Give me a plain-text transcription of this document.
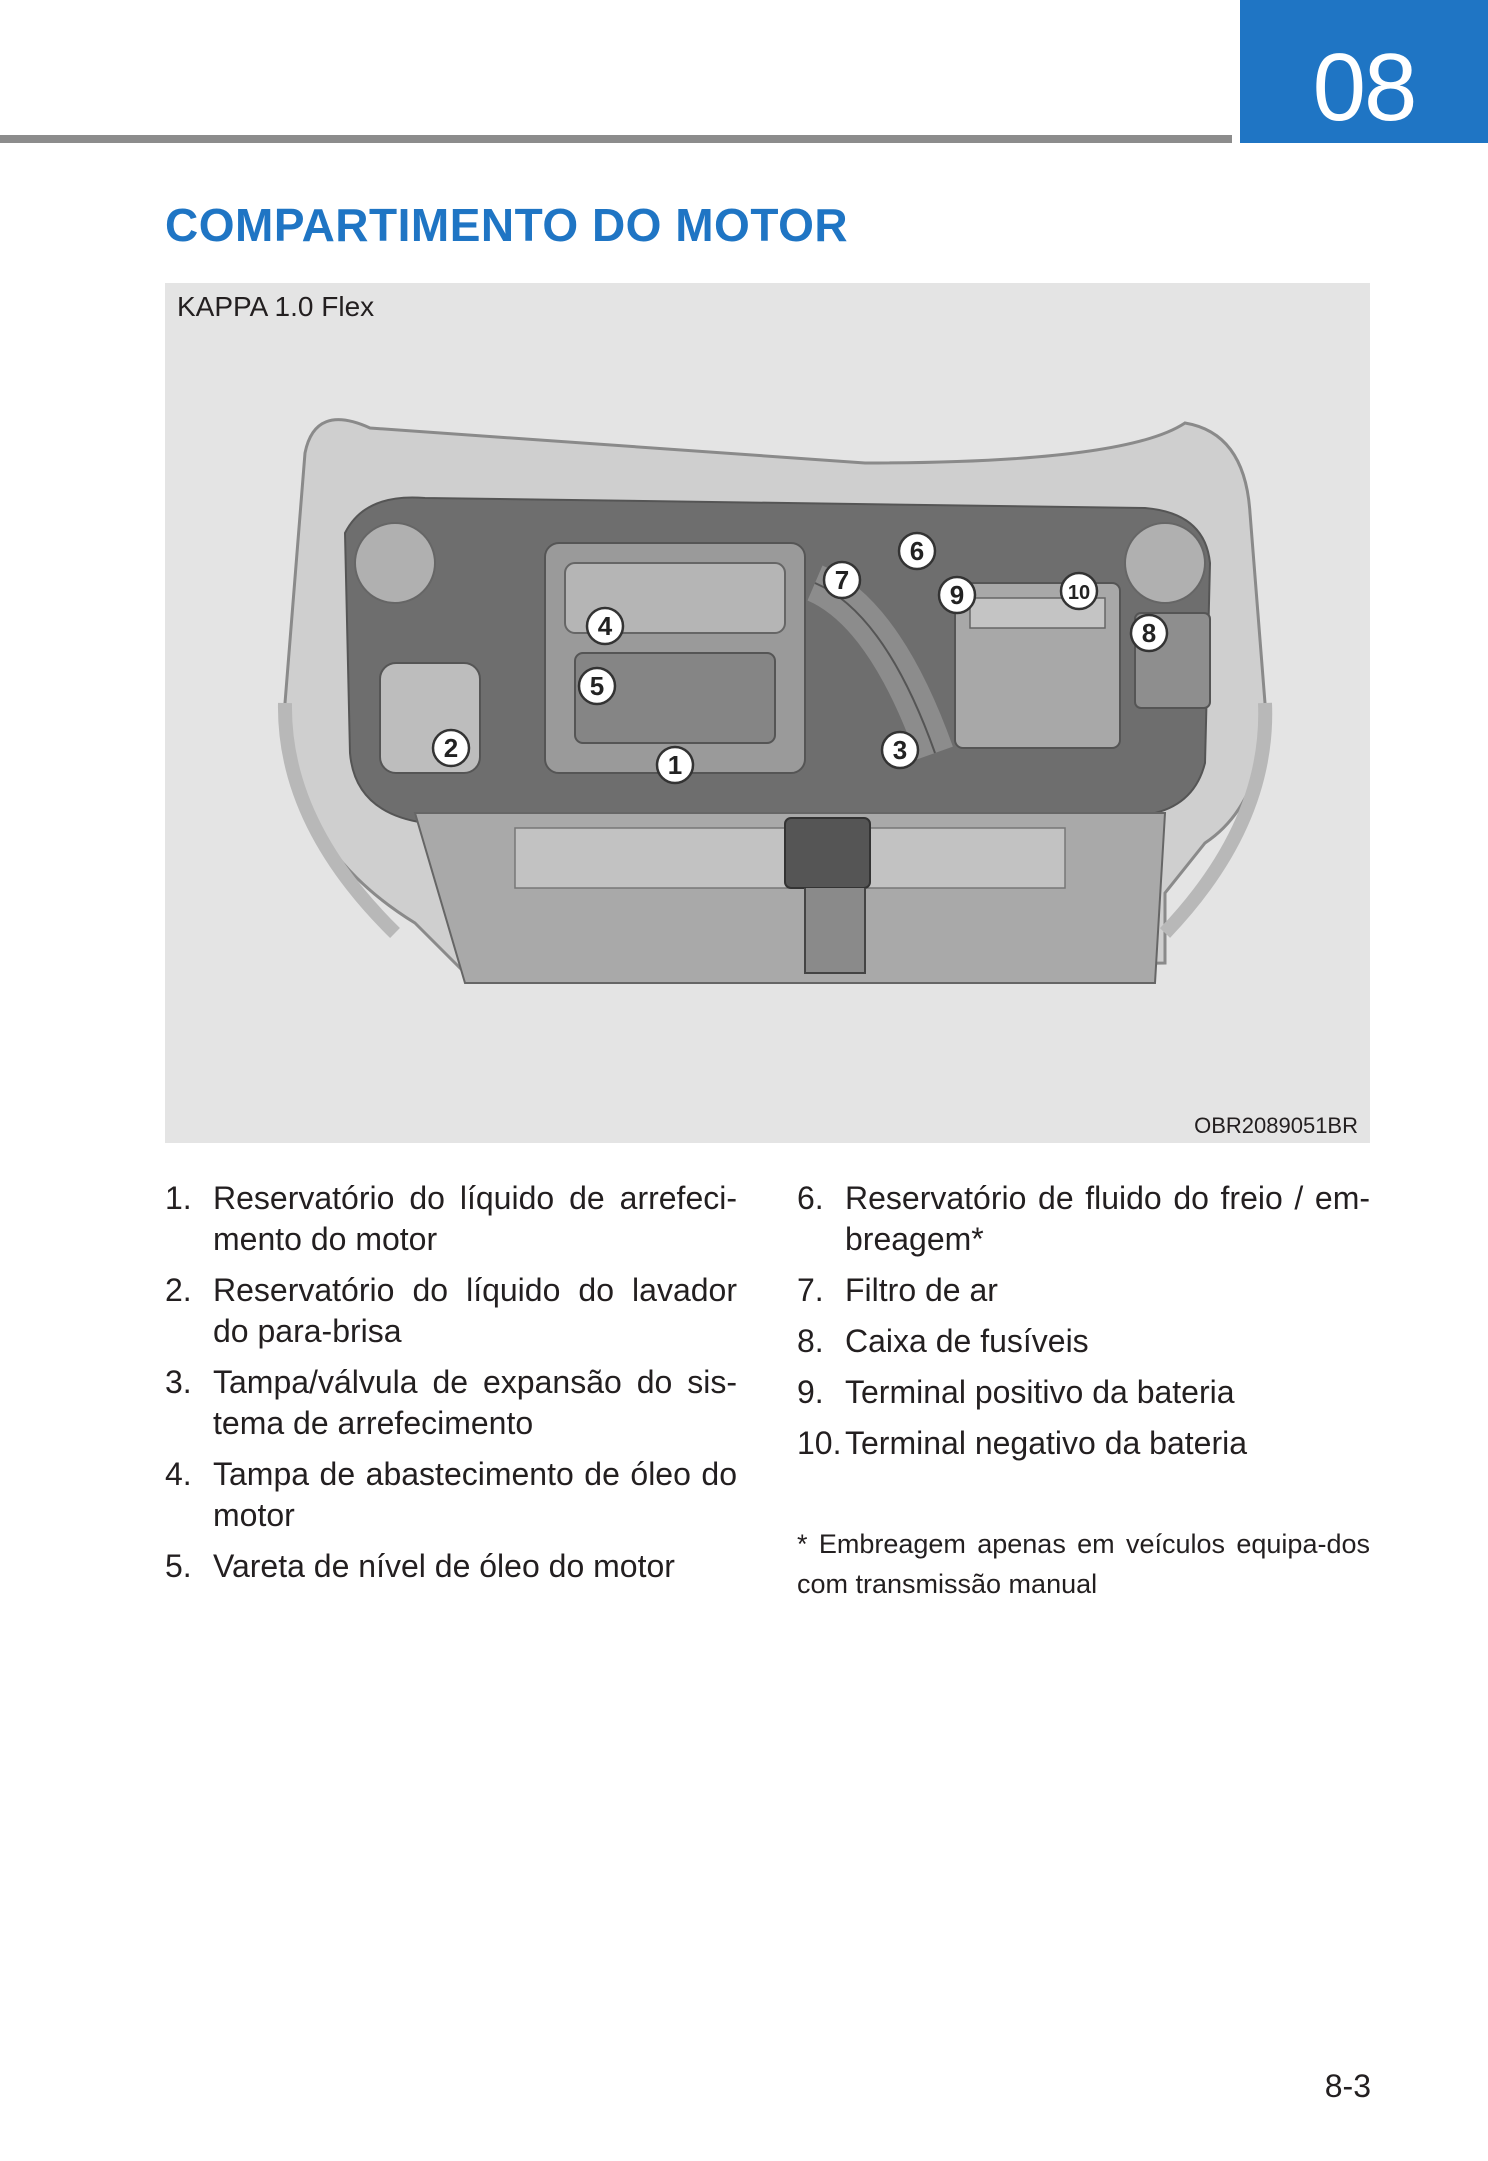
08
COMPARTIMENTO DO MOTOR
1
2	3
4
5
6
7
8
9	10
KAPPA 1.0 Flex
OBR2089051BR
1. Reservatório do líquido de arrefeci-mento do motor
2. Reservatório do líquido do lavador do para-brisa
3. Tampa/válvula de expansão do sis-tema de arrefecimento
4. Tampa de abastecimento de óleo do motor
5. Vareta de nível de óleo do motor
6. Reservatório de fluido do freio / em-breagem*
7. Filtro de ar
8. Caixa de fusíveis
9. Terminal positivo da bateria
10. Terminal negativo da bateria

* Embreagem apenas em veículos equipa-dos com transmissão manual

8-3
